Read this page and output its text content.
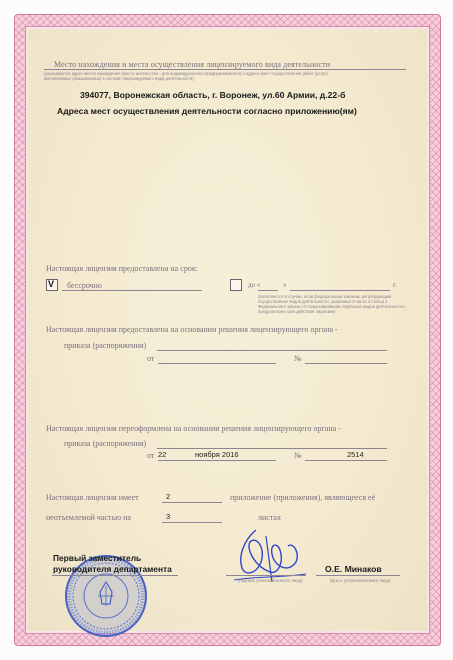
Место нахождения и места осуществления лицензируемого вида деятельности
(указываются адрес места нахождения (место жительства - для индивидуального предпринимателя) и адреса мест осуществления работ (услуг)
выполняемых (оказываемых) в составе лицензируемого вида деятельности)
394077, Воронежская область, г. Воронеж, ул.60 Армии, д.22-б
Адреса мест осуществления деятельности согласно приложению(ям)
Настоящая лицензия предоставлена на срок:
V бессрочно	до «	»	г.
(заполняется в случае, если федеральным законом, регулирующим
осуществление видов деятельности, указанных в части 4 статьи 1
Федерального закона «О лицензировании отдельных видов деятельности»,
предусмотрен срок действия лицензии)
Настоящая лицензия предоставлена на основании решения лицензирующего органа -
приказа (распоряжения)
от	№
Настоящая лицензия переоформлена на основании решения лицензирующего органа -
приказа (распоряжения)
от 22	ноября 2016	№	2514
Настоящая лицензия имеет	2	приложение (приложения), являющееся её
неотъемлемой частью на	3	листах
Первый заместитель
руководителя департамента
(подпись уполномоченного лица)
О.Е. Минаков
(ф.и.о. уполномоченного лица)
